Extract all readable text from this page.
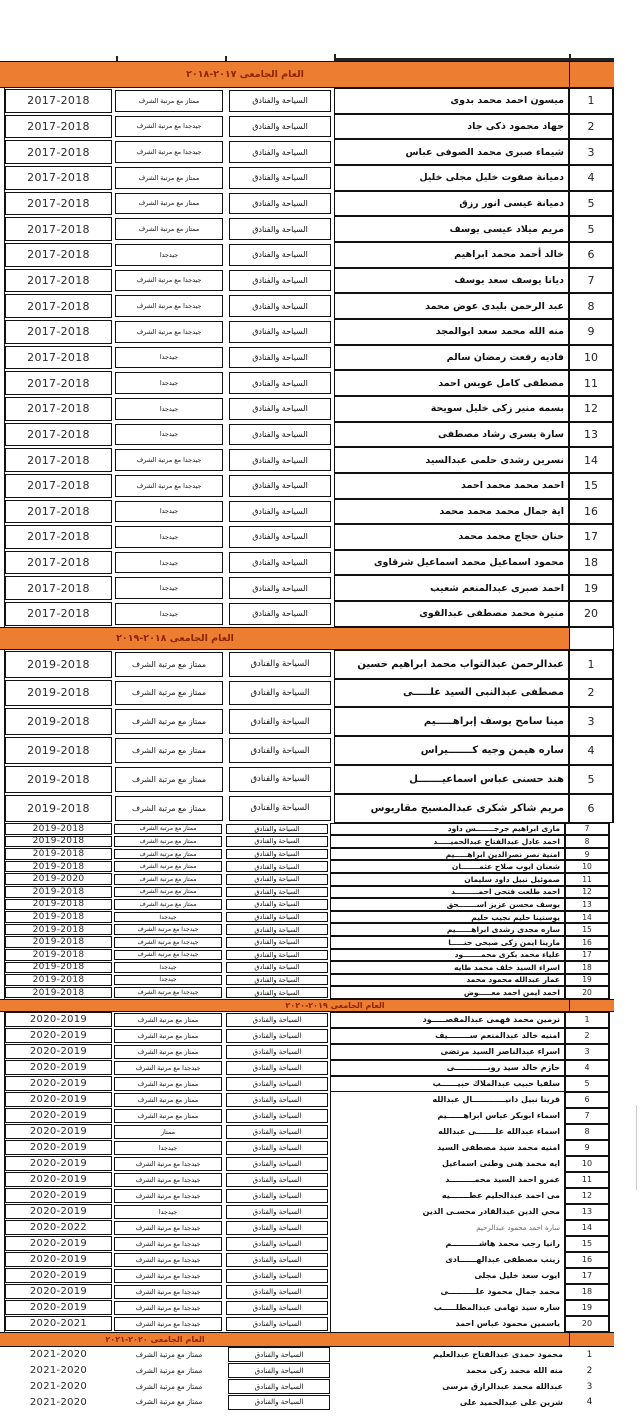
العام الجامعى ٢٠١٧-٢٠١٨
2017-2018	ممتاز مع مرتبة الشرف	السياحة والفنادق	ميسون احمد محمد بدوى	1
2017-2018	جيدجدا مع مرتبة الشرف	السياحة والفنادق	جهاد محمود ذكى جاد	2
2017-2018	جيدجدا مع مرتبة الشرف	السياحة والفنادق	شيماء صبرى محمد الصوفى عباس	3
2017-2018	ممتاز مع مرتبة الشرف	السياحة والفنادق	دميانة صفوت خليل مجلى خليل	4
2017-2018	ممتاز مع مرتبة الشرف	السياحة والفنادق	دميانة عيسى انور رزق	5
2017-2018	ممتاز مع مرتبة الشرف	السياحة والفنادق	مريم ميلاد عيسى يوسف	5
2017-2018	جيدجدا	السياحة والفنادق	خالد أحمد محمد ابراهيم	6
2017-2018	جيدجدا مع مرتبة الشرف	السياحة والفنادق	ديانا يوسف سعد يوسف	7
2017-2018	جيدجدا مع مرتبة الشرف	السياحة والفنادق	عبد الرحمن بليدى عوض محمد	8
2017-2018	جيدجدا مع مرتبة الشرف	السياحة والفنادق	منه الله محمد سعد ابوالمجد	9
2017-2018	جيدجدا	السياحة والفنادق	فاديه رفعت رمضان سالم	10
2017-2018	جيدجدا	السياحة والفنادق	مصطفى كامل عويس احمد	11
2017-2018	جيدجدا	السياحة والفنادق	بسمه منير زكى خليل سويحة	12
2017-2018	جيدجدا	السياحة والفنادق	سارة يسرى رشاد مصطفى	13
2017-2018	جيدجدا مع مرتبة الشرف	السياحة والفنادق	نسرين رشدى حلمى عبدالسيد	14
2017-2018	جيدجدا مع مرتبة الشرف	السياحة والفنادق	احمد محمد محمد احمد	15
2017-2018	جيدجدا	السياحة والفنادق	اية جمال محمد محمد محمد	16
2017-2018	جيدجدا	السياحة والفنادق	حنان حجاج محمد محمد	17
2017-2018	جيدجدا	السياحة والفنادق	محمود اسماعيل محمد اسماعيل شرقاوى	18
2017-2018	جيدجدا	السياحة والفنادق	احمد صبرى عبدالمنعم شعيب	19
2017-2018	جيدجدا	السياحة والفنادق	منيرة محمد مصطفى عبدالقوى	20
العام الجامعى ٢٠١٨-٢٠١٩
2019-2018	ممتاز مع مرتبة الشرف	السياحة والفنادق	عبدالرحمن عبدالتواب محمد ابراهيم حسين	1
2019-2018	ممتاز مع مرتبة الشرف	السياحة والفنادق	مصطفى عبدالنبى السيد علـــــى	2
2019-2018	ممتاز مع مرتبة الشرف	السياحة والفنادق	مينا سامح يوسف إبراهـــــيم	3
2019-2018	ممتاز مع مرتبة الشرف	السياحة والفنادق	ساره هيمن وجيه كـــــــيراس	4
2019-2018	ممتاز مع مرتبة الشرف	السياحة والفنادق	هند حسنى عباس اسماعيـــــــل	5
2019-2018	ممتاز مع مرتبة الشرف	السياحة والفنادق	مريم شاكر شكرى عبدالمسيح مقاريوس	6
2019-2018	ممتاز مع مرتبة الشرف	السياحة والفنادق	مارى ابراهيم جرجـــــــس داود	7
2019-2018	ممتاز مع مرتبة الشرف	السياحة والفنادق	احمد عادل عبدالفتاح عبدالحميـــــد	8
2019-2018	ممتاز مع مرتبة الشرف	السياحة والفنادق	امنية نصر نصرالدين ابراهـــــيم	9
2019-2018	ممتاز مع مرتبة الشرف	السياحة والفنادق	شعبان ايوب صلاح عثمـــــــان	10
2019-2020	ممتاز مع مرتبة الشرف	السياحة والفنادق	صموئيل نبيل داود سليمان	11
2019-2018	ممتاز مع مرتبة الشرف	السياحة والفنادق	احمد طلعت فتحى احمـــــــــد	12
2019-2018	ممتاز مع مرتبة الشرف	السياحة والفنادق	يوسف محسن عزيز اســـــــحق	13
2019-2018	جيدجدا	السياحة والفنادق	يوستينا حليم نجيب حليم	14
2019-2018	جيدجدا مع مرتبة الشرف	السياحة والفنادق	ساره مجدى رشدى ابراهــــــيم	15
2019-2018	جيدجدا مع مرتبة الشرف	السياحة والفنادق	مارينا ايمن زكى صبحى حنـــــا	16
2019-2018	جيدجدا مع مرتبة الشرف	السياحة والفنادق	علياء محمد بكرى محمـــــــود	17
2019-2018	جيدجدا	السياحة والفنادق	اسراء السيد خلف محمد طايه	18
2019-2018	جيدجدا	السياحة والفنادق	عمار عبدالله محمود محمد	19
2019-2018	جيدجدا مع مرتبة الشرف	السياحة والفنادق	احمد ايمن احمد معـــــوض	20
العام الجامعى ٢٠١٩-٢٠٢٠
2020-2019	ممتاز مع مرتبة الشرف	السياحة والفنادق	نرمين محمد فهمى عبدالمقصـــــود	1
2020-2019	ممتاز مع مرتبة الشرف	السياحة والفنادق	امنيه خالد عبدالمنعم ســــــــيف	2
2020-2019	ممتاز مع مرتبة الشرف	السياحة والفنادق	اسراء عبدالناصر السيد مرتضى	3
2020-2019	جيدجدا مع مرتبة الشرف	السياحة والفنادق	حازم خالد سيد روبــــــــــــى	4
2020-2019	ممتاز مع مرتبة الشرف	السياحة والفنادق	سلفيا حبيب عبدالملاك حبيــــــب	5
2020-2019	ممتاز مع مرتبة الشرف	السياحة والفنادق	قرينا نبيل دانيــــــــــــال عبدالله	6
2020-2019	ممتاز مع مرتبة الشرف	السياحة والفنادق	اسماء ابوبكر عباس ابراهــــــيم	7
2020-2019	ممتاز	السياحة والفنادق	اسماء عبدالله علـــــــى عبدالله	8
2020-2019	جيدجدا	السياحة والفنادق	امنيه محمد سيد مصطفى السيد	9
2020-2019	جيدجدا مع مرتبة الشرف	السياحة والفنادق	ايه محمد هنى وطنى اسماعيل	10
2020-2019	جيدجدا مع مرتبة الشرف	السياحة والفنادق	عمرو احمد السيد محمـــــــــد	11
2020-2019	جيدجدا مع مرتبة الشرف	السياحة والفنادق	مى احمد عبدالحليم عطـــــــيه	12
2020-2019	جيدجدا	السياحة والفنادق	محي الدين عبدالقادر محسـى الدين	13
2020-2022	جيدجدا مع مرتبة الشرف	السياحة والفنادق	سارة احمد محمود عبدالرحيم	14
2020-2019	جيدجدا مع مرتبة الشرف	السياحة والفنادق	رانيا رجب محمد هاشــــــــــم	15
2020-2019	جيدجدا مع مرتبة الشرف	السياحة والفنادق	زينب مصطفى عبدالهــــــادى	16
2020-2019	جيدجدا مع مرتبة الشرف	السياحة والفنادق	ايوب سعد خليل مجلى	17
2020-2019	جيدجدا مع مرتبة الشرف	السياحة والفنادق	محمد جمال محمود علــــــــــى	18
2020-2019	جيدجدا مع مرتبة الشرف	السياحة والفنادق	ساره سيد تهامى عبدالمطلـــــب	19
2020-2021	جيدجدا مع مرتبة الشرف	السياحة والفنادق	ياسمين محمود عباس احمد	20
العام الجامعى ٢٠٢٠-٢٠٢١
2021-2020	ممتاز مع مرتبة الشرف	السياحة والفنادق	محمود حمدى عبدالفتاح عبدالعليم	1
2021-2020	ممتاز مع مرتبة الشرف	السياحة والفنادق	منه الله محمد زكى محمد	2
2021-2020	ممتاز مع مرتبة الشرف	السياحة والفنادق	عبدالله محمد عبدالرازق مرسى	3
2021-2020	ممتاز مع مرتبة الشرف	السياحة والفنادق	شرين على عبدالحميد على	4
